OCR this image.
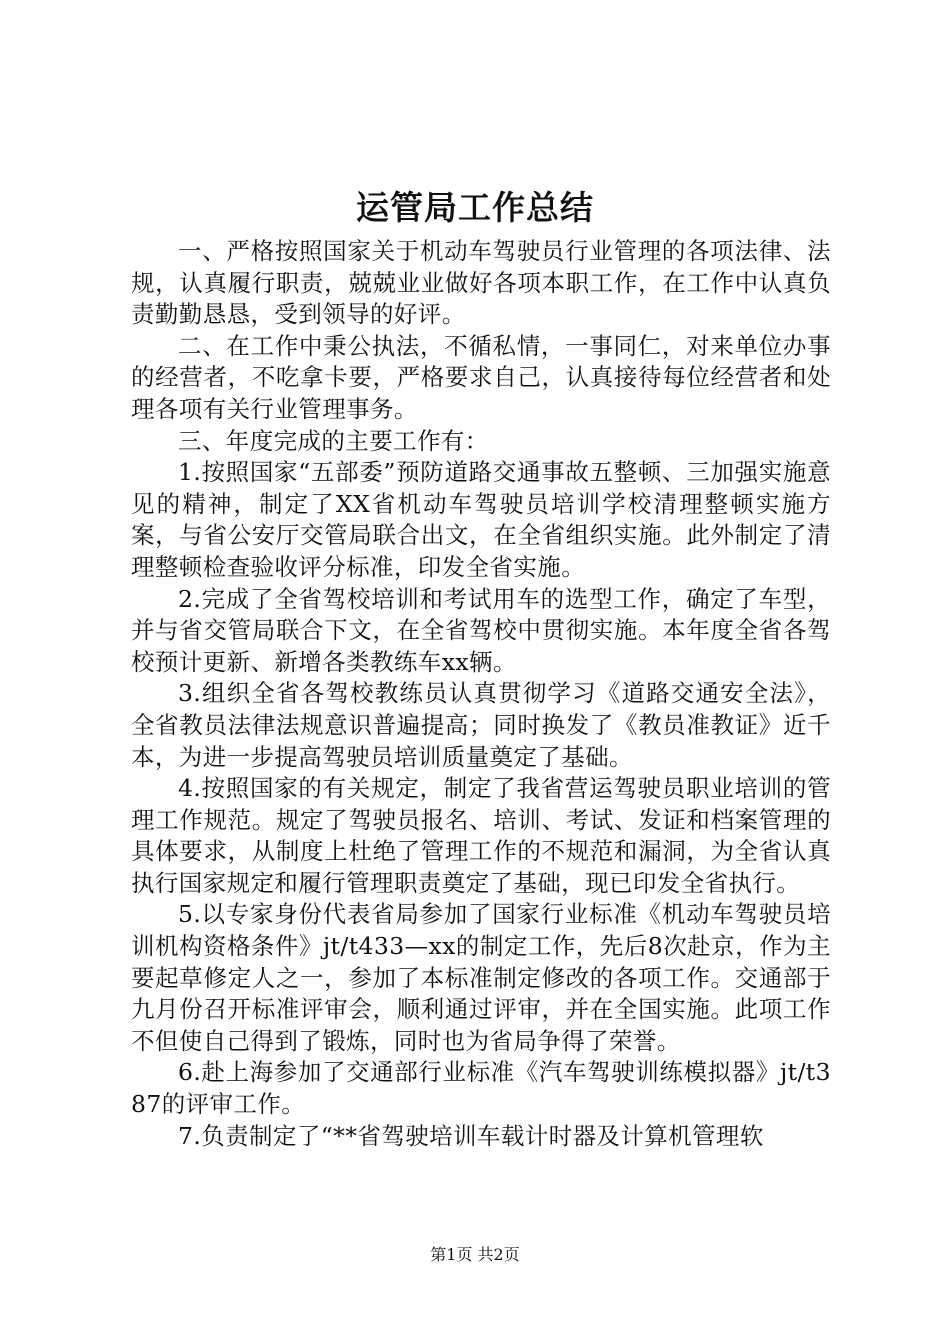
运管局工作总结

一、严格按照国家关于机动车驾驶员行业管理的各项法律、法规，认真履行职责，兢兢业业做好各项本职工作，在工作中认真负责勤勤恳恳，受到领导的好评。

二、在工作中秉公执法，不循私情，一事同仁，对来单位办事的经营者，不吃拿卡要，严格要求自己，认真接待每位经营者和处理各项有关行业管理事务。

三、年度完成的主要工作有：

1.按照国家“五部委”预防道路交通事故五整顿、三加强实施意见的精神，制定了XX省机动车驾驶员培训学校清理整顿实施方案，与省公安厅交管局联合出文，在全省组织实施。此外制定了清理整顿检查验收评分标准，印发全省实施。

2.完成了全省驾校培训和考试用车的选型工作，确定了车型，并与省交管局联合下文，在全省驾校中贯彻实施。本年度全省各驾校预计更新、新增各类教练车xx辆。

3.组织全省各驾校教练员认真贯彻学习《道路交通安全法》，全省教员法律法规意识普遍提高；同时换发了《教员准教证》近千本，为进一步提高驾驶员培训质量奠定了基础。

4.按照国家的有关规定，制定了我省营运驾驶员职业培训的管理工作规范。规定了驾驶员报名、培训、考试、发证和档案管理的具体要求，从制度上杜绝了管理工作的不规范和漏洞，为全省认真执行国家规定和履行管理职责奠定了基础，现已印发全省执行。

5.以专家身份代表省局参加了国家行业标准《机动车驾驶员培训机构资格条件》jt/t433—xx的制定工作，先后8次赴京，作为主要起草修定人之一，参加了本标准制定修改的各项工作。交通部于九月份召开标准评审会，顺利通过评审，并在全国实施。此项工作不但使自己得到了锻炼，同时也为省局争得了荣誉。

6.赴上海参加了交通部行业标准《汽车驾驶训练模拟器》jt/t387的评审工作。

7.负责制定了“**省驾驶培训车载计时器及计算机管理软

第1页 共2页
